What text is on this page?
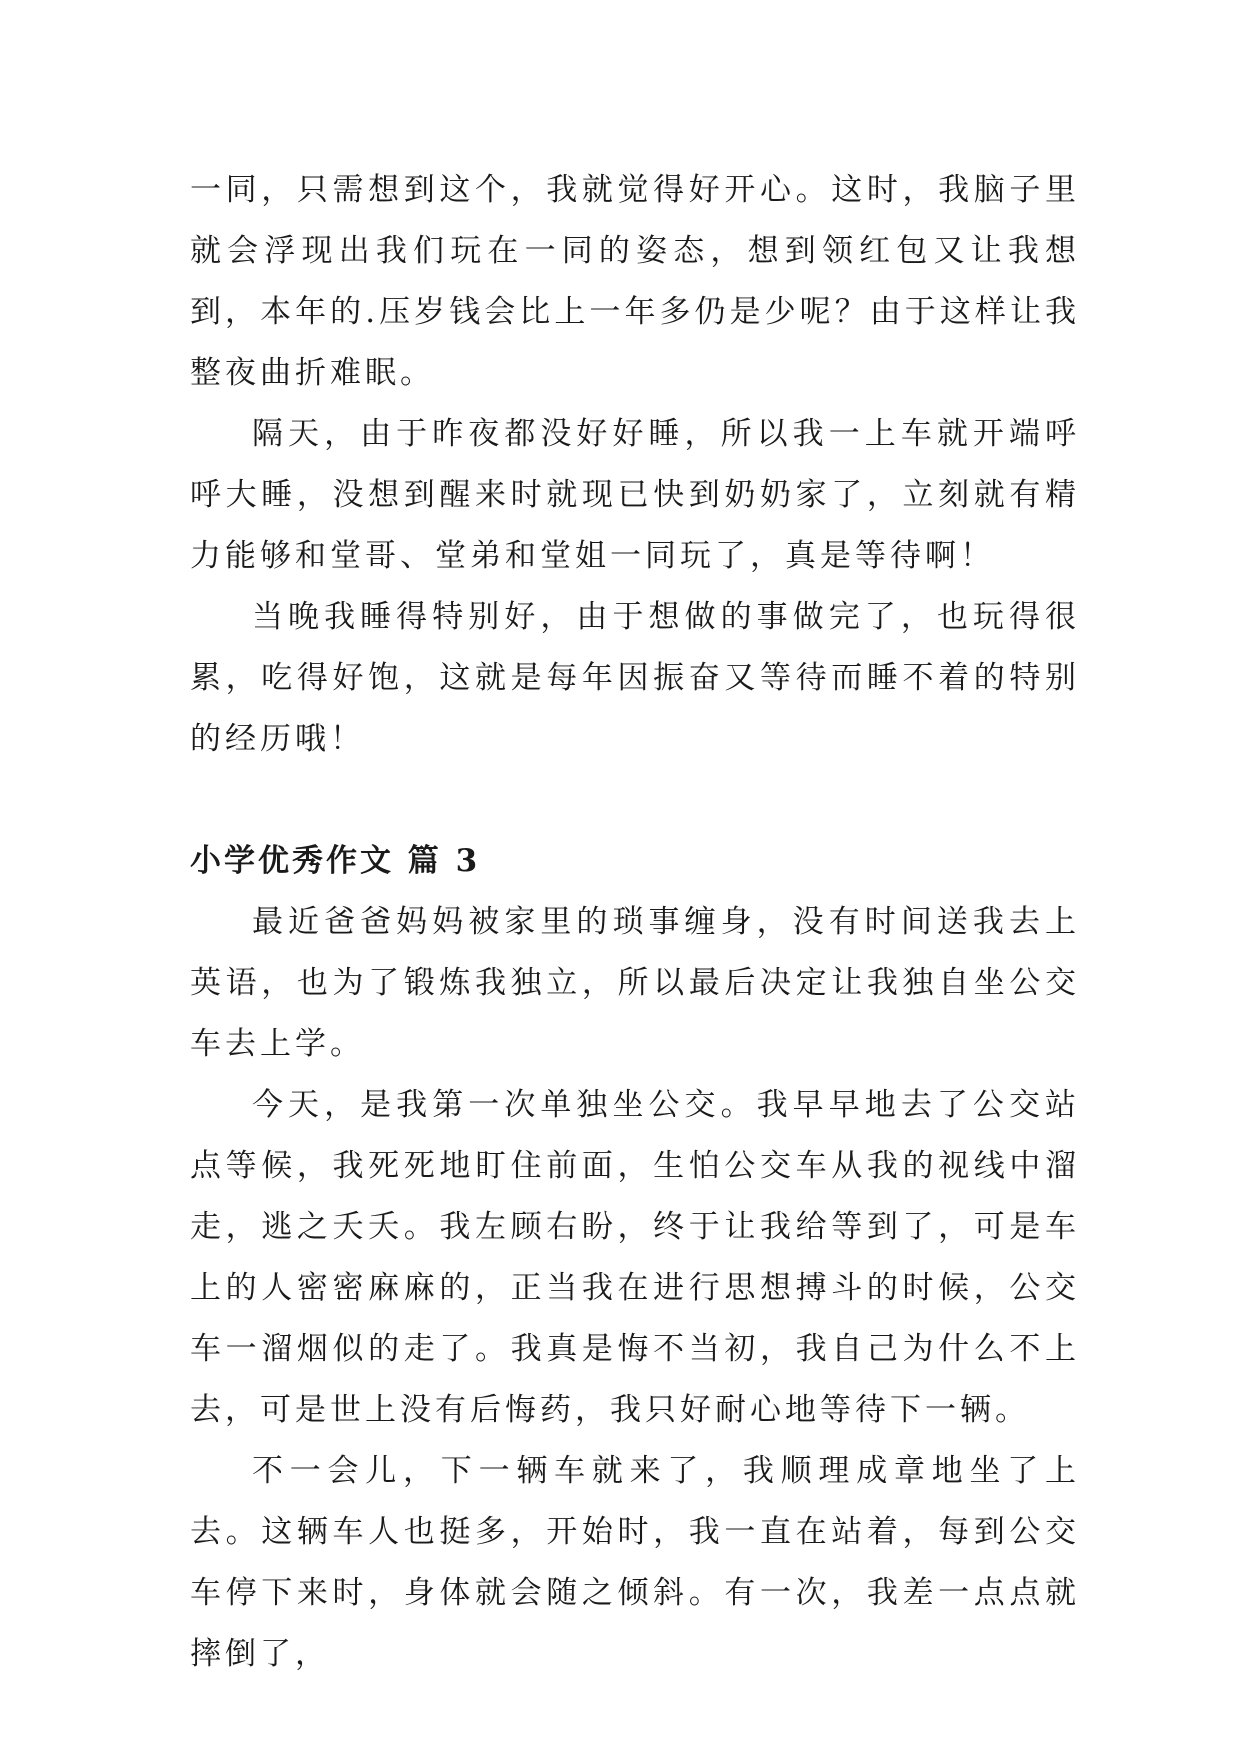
一同，只需想到这个，我就觉得好开心。这时，我脑子里就会浮现出我们玩在一同的姿态，想到领红包又让我想到，本年的.压岁钱会比上一年多仍是少呢？由于这样让我整夜曲折难眠。

隔天，由于昨夜都没好好睡，所以我一上车就开端呼呼大睡，没想到醒来时就现已快到奶奶家了，立刻就有精力能够和堂哥、堂弟和堂姐一同玩了，真是等待啊！

当晚我睡得特别好，由于想做的事做完了，也玩得很累，吃得好饱，这就是每年因振奋又等待而睡不着的特别的经历哦！

小学优秀作文 篇 3

最近爸爸妈妈被家里的琐事缠身，没有时间送我去上英语，也为了锻炼我独立，所以最后决定让我独自坐公交车去上学。

今天，是我第一次单独坐公交。我早早地去了公交站点等候，我死死地盯住前面，生怕公交车从我的视线中溜走，逃之夭夭。我左顾右盼，终于让我给等到了，可是车上的人密密麻麻的，正当我在进行思想搏斗的时候，公交车一溜烟似的走了。我真是悔不当初，我自己为什么不上去，可是世上没有后悔药，我只好耐心地等待下一辆。

不一会儿，下一辆车就来了，我顺理成章地坐了上去。这辆车人也挺多，开始时，我一直在站着，每到公交车停下来时，身体就会随之倾斜。有一次，我差一点点就摔倒了，
